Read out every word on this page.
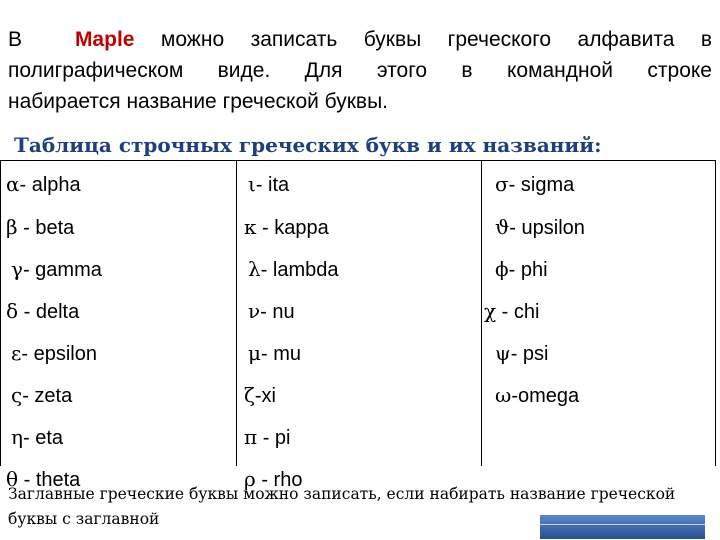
В	Maple можно записать буквы греческого алфавита в
полиграфическом виде. Для этого в командной строке
набирается название греческой буквы.
Таблица строчных греческих букв и их названий:
α- alpha
β - beta
γ- gamma
δ - delta
ε- epsilon
ς- zeta
η- eta
θ - theta
ι- ita
κ - kappa
λ- lambda
ν- nu
μ- mu
ζ-xi
π - pi
ρ - rho
σ- sigma
ϑ- upsilon
ϕ- phi
χ - chi
ψ- psi
ω-omega
Заглавные греческие буквы можно записать, если набирать название греческой буквы с заглавной
